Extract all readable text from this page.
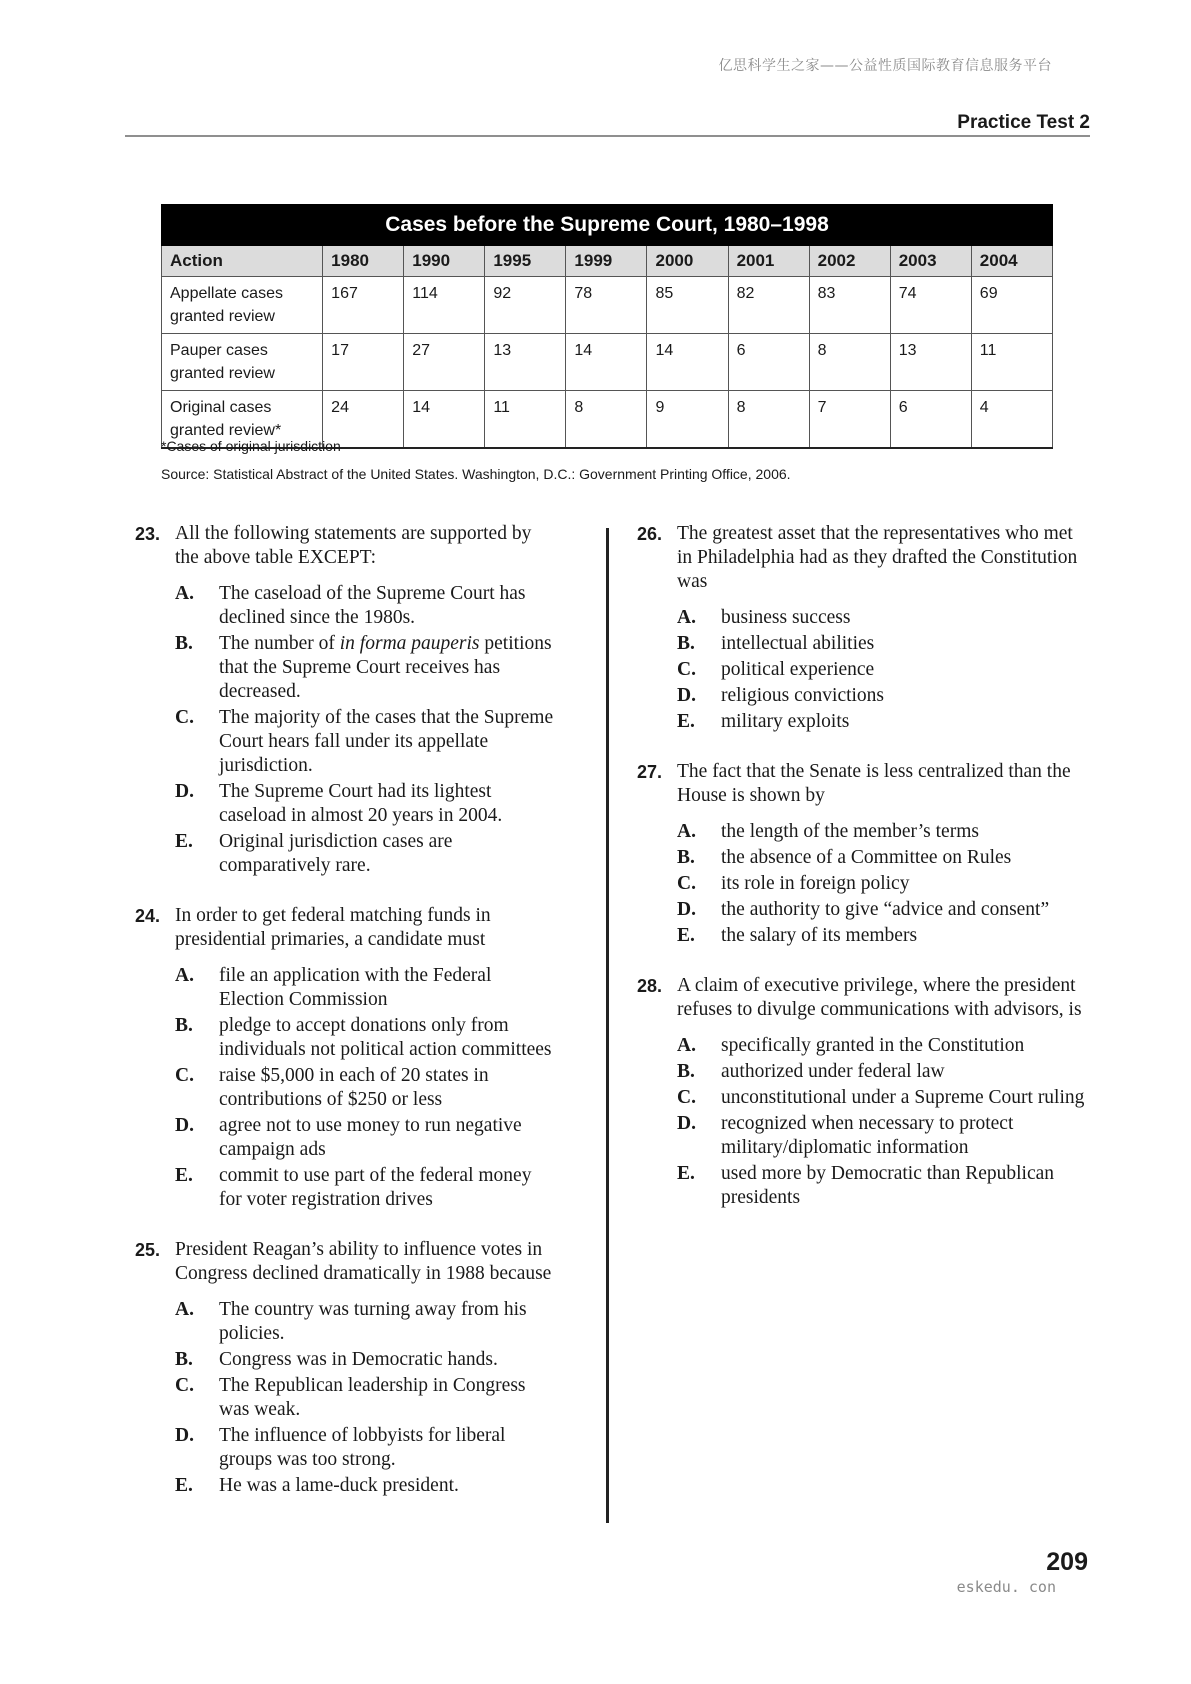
亿思科学生之家——公益性质国际教育信息服务平台
Practice Test 2
Cases before the Supreme Court, 1980–1998									
Action	1980	1990	1995	1999	2000	2001	2002	2003	2004

Appellate cases
granted review	167	114	92	78	85	82	83	74	69

Pauper cases
granted review	17	27	13	14	14	6	8	13	11

Original cases
granted review*	24	14	11	8	9	8	7	6	4
*Cases of original jurisdiction
Source: Statistical Abstract of the United States. Washington, D.C.: Government Printing Office, 2006.
23. All the following statements are supported by the above table EXCEPT:
A.	The caseload of the Supreme Court has declined since the 1980s.
B.	The number of in forma pauperis petitions that the Supreme Court receives has decreased.
C.	The majority of the cases that the Supreme Court hears fall under its appellate jurisdiction.
D.	The Supreme Court had its lightest caseload in almost 20 years in 2004.
E.	Original jurisdiction cases are comparatively rare.
24. In order to get federal matching funds in presidential primaries, a candidate must
A.	file an application with the Federal Election Commission
B.	pledge to accept donations only from individuals not political action committees
C.	raise $5,000 in each of 20 states in contributions of $250 or less
D.	agree not to use money to run negative campaign ads
E.	commit to use part of the federal money for voter registration drives
25. President Reagan’s ability to influence votes in Congress declined dramatically in 1988 because
A.	The country was turning away from his policies.
B.	Congress was in Democratic hands.
C.	The Republican leadership in Congress was weak.
D.	The influence of lobbyists for liberal groups was too strong.
E.	He was a lame-duck president.
26. The greatest asset that the representatives who met in Philadelphia had as they drafted the Constitution was
A.	business success
B.	intellectual abilities
C.	political experience
D.	religious convictions
E.	military exploits
27. The fact that the Senate is less centralized than the House is shown by
A.	the length of the member’s terms
B.	the absence of a Committee on Rules
C.	its role in foreign policy
D.	the authority to give “advice and consent”
E.	the salary of its members
28. A claim of executive privilege, where the president refuses to divulge communications with advisors, is
A.	specifically granted in the Constitution
B.	authorized under federal law
C.	unconstitutional under a Supreme Court ruling
D.	recognized when necessary to protect military/diplomatic information
E.	used more by Democratic than Republican presidents
209
eskedu. con
